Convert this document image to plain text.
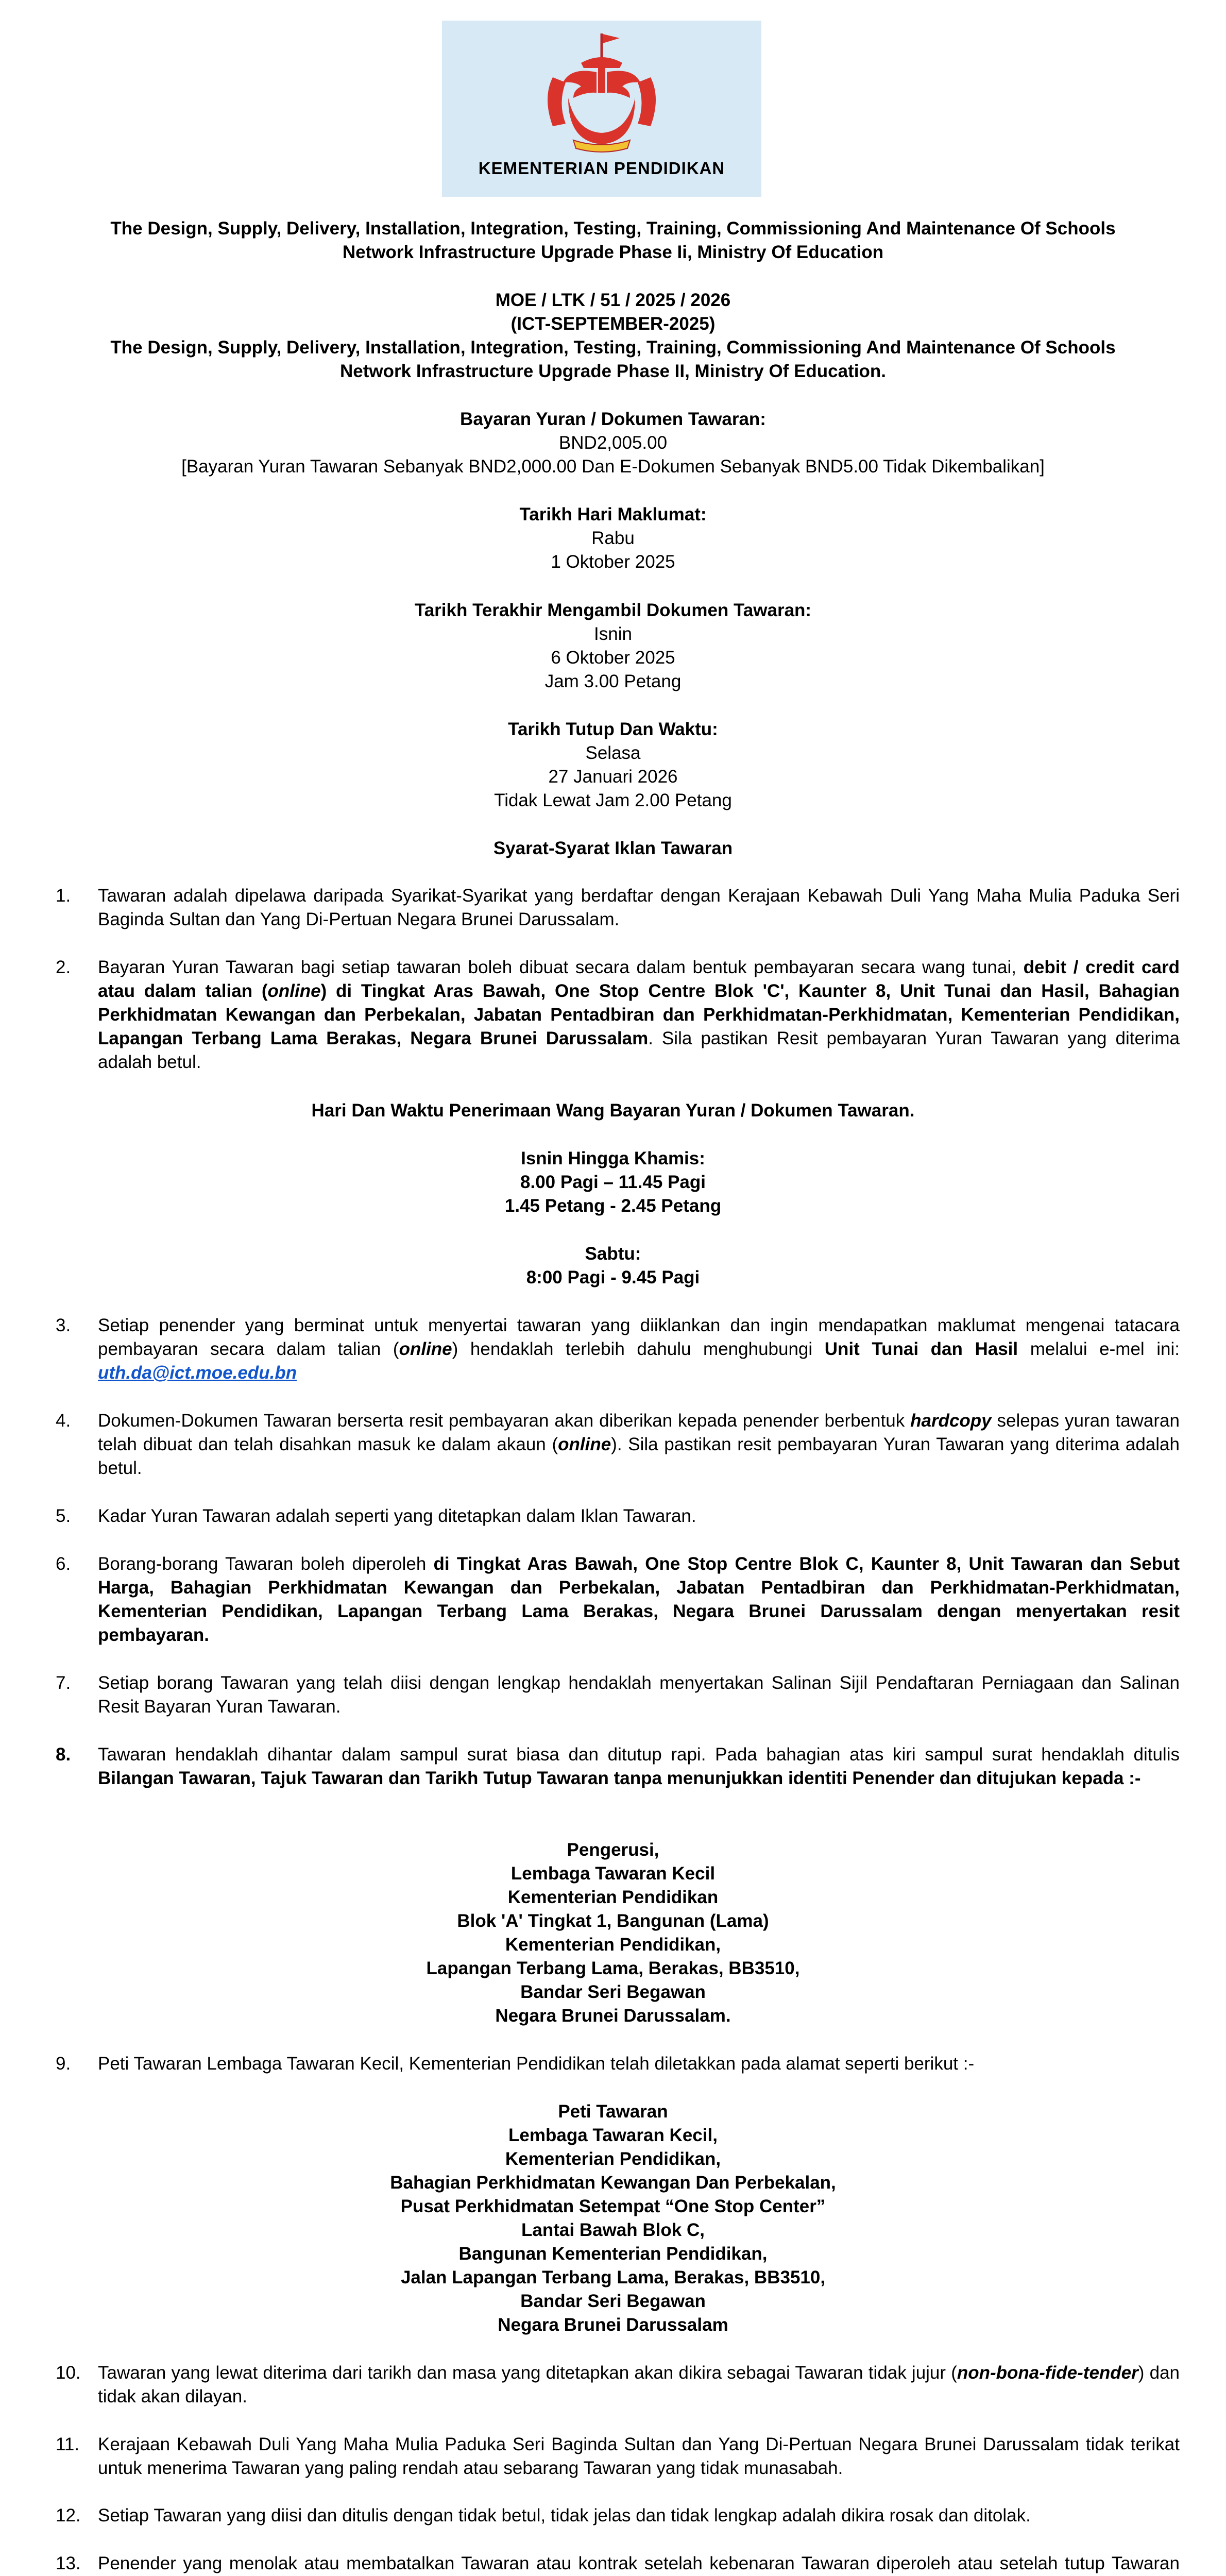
KEMENTERIAN PENDIDIKAN
The Design, Supply, Delivery, Installation, Integration, Testing, Training, Commissioning And Maintenance Of Schools
Network Infrastructure Upgrade Phase Ii, Ministry Of Education
MOE / LTK / 51 / 2025 / 2026
(ICT-SEPTEMBER-2025)
The Design, Supply, Delivery, Installation, Integration, Testing, Training, Commissioning And Maintenance Of Schools
Network Infrastructure Upgrade Phase II, Ministry Of Education.
Bayaran Yuran / Dokumen Tawaran:
BND2,005.00
[Bayaran Yuran Tawaran Sebanyak BND2,000.00 Dan E-Dokumen Sebanyak BND5.00 Tidak Dikembalikan]
Tarikh Hari Maklumat:
Rabu
1 Oktober 2025
Tarikh Terakhir Mengambil Dokumen Tawaran:
Isnin
6 Oktober 2025
Jam 3.00 Petang
Tarikh Tutup Dan Waktu:
Selasa
27 Januari 2026
Tidak Lewat Jam 2.00 Petang
Syarat-Syarat Iklan Tawaran
1.	Tawaran adalah dipelawa daripada Syarikat-Syarikat yang berdaftar dengan Kerajaan Kebawah Duli Yang Maha Mulia Paduka Seri Baginda Sultan dan Yang Di-Pertuan Negara Brunei Darussalam.
2.	Bayaran Yuran Tawaran bagi setiap tawaran boleh dibuat secara dalam bentuk pembayaran secara wang tunai, debit / credit card atau dalam talian (online) di Tingkat Aras Bawah, One Stop Centre Blok 'C', Kaunter 8, Unit Tunai dan Hasil, Bahagian Perkhidmatan Kewangan dan Perbekalan, Jabatan Pentadbiran dan Perkhidmatan-Perkhidmatan, Kementerian Pendidikan, Lapangan Terbang Lama Berakas, Negara Brunei Darussalam. Sila pastikan Resit pembayaran Yuran Tawaran yang diterima adalah betul.
Hari Dan Waktu Penerimaan Wang Bayaran Yuran / Dokumen Tawaran.
Isnin Hingga Khamis:
8.00 Pagi – 11.45 Pagi
1.45 Petang - 2.45 Petang
Sabtu:
8:00 Pagi - 9.45 Pagi
3.	Setiap penender yang berminat untuk menyertai tawaran yang diiklankan dan ingin mendapatkan maklumat mengenai tatacara pembayaran secara dalam talian (online) hendaklah terlebih dahulu menghubungi Unit Tunai dan Hasil melalui e-mel ini: uth.da@ict.moe.edu.bn
4.	Dokumen-Dokumen Tawaran berserta resit pembayaran akan diberikan kepada penender berbentuk hardcopy selepas yuran tawaran telah dibuat dan telah disahkan masuk ke dalam akaun (online). Sila pastikan resit pembayaran Yuran Tawaran yang diterima adalah betul.
5.	Kadar Yuran Tawaran adalah seperti yang ditetapkan dalam Iklan Tawaran.
6.	Borang-borang Tawaran boleh diperoleh di Tingkat Aras Bawah, One Stop Centre Blok C, Kaunter 8, Unit Tawaran dan Sebut Harga, Bahagian Perkhidmatan Kewangan dan Perbekalan, Jabatan Pentadbiran dan Perkhidmatan-Perkhidmatan, Kementerian Pendidikan, Lapangan Terbang Lama Berakas, Negara Brunei Darussalam dengan menyertakan resit pembayaran.
7.	Setiap borang Tawaran yang telah diisi dengan lengkap hendaklah menyertakan Salinan Sijil Pendaftaran Perniagaan dan Salinan Resit Bayaran Yuran Tawaran.
8.	Tawaran hendaklah dihantar dalam sampul surat biasa dan ditutup rapi. Pada bahagian atas kiri sampul surat hendaklah ditulis Bilangan Tawaran, Tajuk Tawaran dan Tarikh Tutup Tawaran tanpa menunjukkan identiti Penender dan ditujukan kepada :-
Pengerusi,
Lembaga Tawaran Kecil
Kementerian Pendidikan
Blok 'A' Tingkat 1, Bangunan (Lama)
Kementerian Pendidikan,
Lapangan Terbang Lama, Berakas, BB3510,
Bandar Seri Begawan
Negara Brunei Darussalam.
9.	Peti Tawaran Lembaga Tawaran Kecil, Kementerian Pendidikan telah diletakkan pada alamat seperti berikut :-
Peti Tawaran
Lembaga Tawaran Kecil,
Kementerian Pendidikan,
Bahagian Perkhidmatan Kewangan Dan Perbekalan,
Pusat Perkhidmatan Setempat “One Stop Center”
Lantai Bawah Blok C,
Bangunan Kementerian Pendidikan,
Jalan Lapangan Terbang Lama, Berakas, BB3510,
Bandar Seri Begawan
Negara Brunei Darussalam
10. Tawaran yang lewat diterima dari tarikh dan masa yang ditetapkan akan dikira sebagai Tawaran tidak jujur (non-bona-fide-tender) dan tidak akan dilayan.
11.	Kerajaan Kebawah Duli Yang Maha Mulia Paduka Seri Baginda Sultan dan Yang Di-Pertuan Negara Brunei Darussalam tidak terikat untuk menerima Tawaran yang paling rendah atau sebarang Tawaran yang tidak munasabah.
12. Setiap Tawaran yang diisi dan ditulis dengan tidak betul, tidak jelas dan tidak lengkap adalah dikira rosak dan ditolak.
13. Penender yang menolak atau membatalkan Tawaran atau kontrak setelah kebenaran Tawaran diperoleh atau setelah tutup Tawaran
